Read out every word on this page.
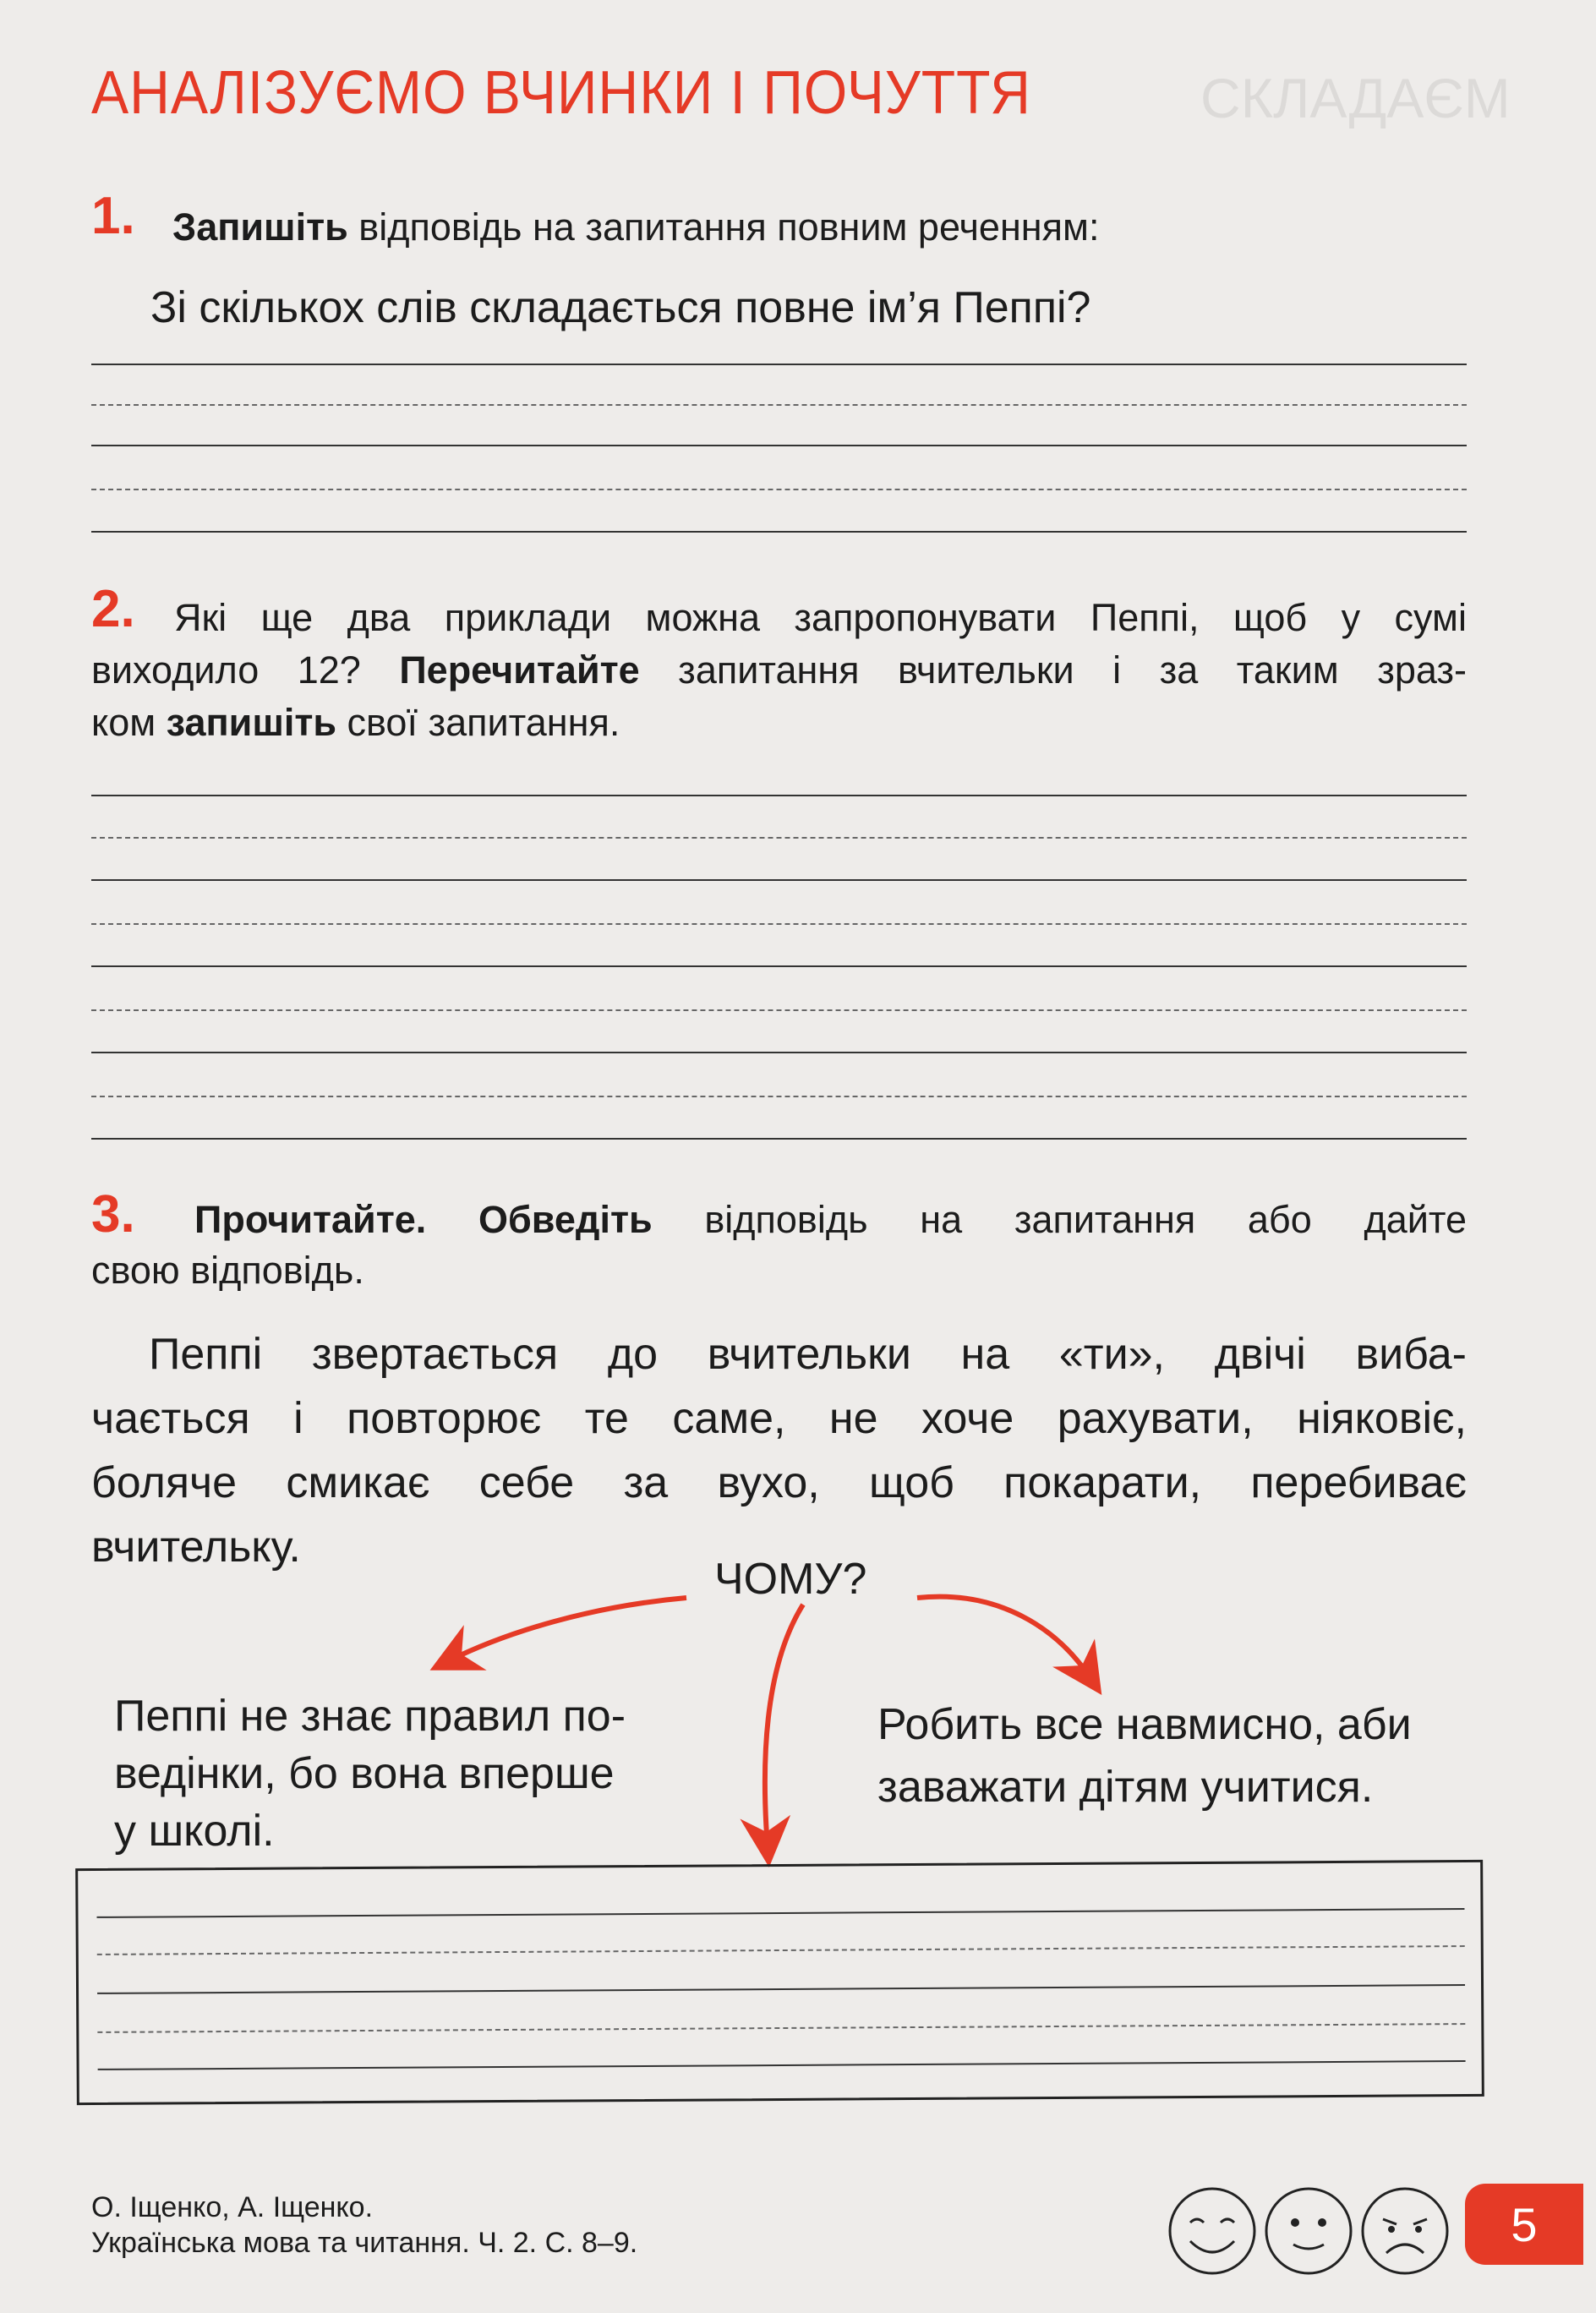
СКЛАДАЄМ
АНАЛІЗУЄМО ВЧИНКИ І ПОЧУТТЯ
1. Запишіть відповідь на запитання повним реченням:
Зі скількох слів складається повне ім’я Пеппі?
2.	Які ще два приклади можна запропонувати Пеппі, щоб у сумі
виходило 12? Перечитайте запитання вчительки і за таким зраз-
ком запишіть свої запитання.
3.	Прочитайте. Обведіть відповідь на запитання або дайте
свою відповідь.
Пеппі звертається до вчительки на «ти», двічі виба-
чається і повторює те саме, не хоче рахувати, ніяковіє,
боляче смикає себе за вухо, щоб покарати, перебиває
вчительку.
ЧОМУ?
Пеппі не знає правил по-
ведінки, бо вона вперше
у школі.
Робить все навмисно, аби
заважати дітям учитися.
О. Іщенко, А. Іщенко.
Українська мова та читання. Ч. 2. С. 8–9.	5
